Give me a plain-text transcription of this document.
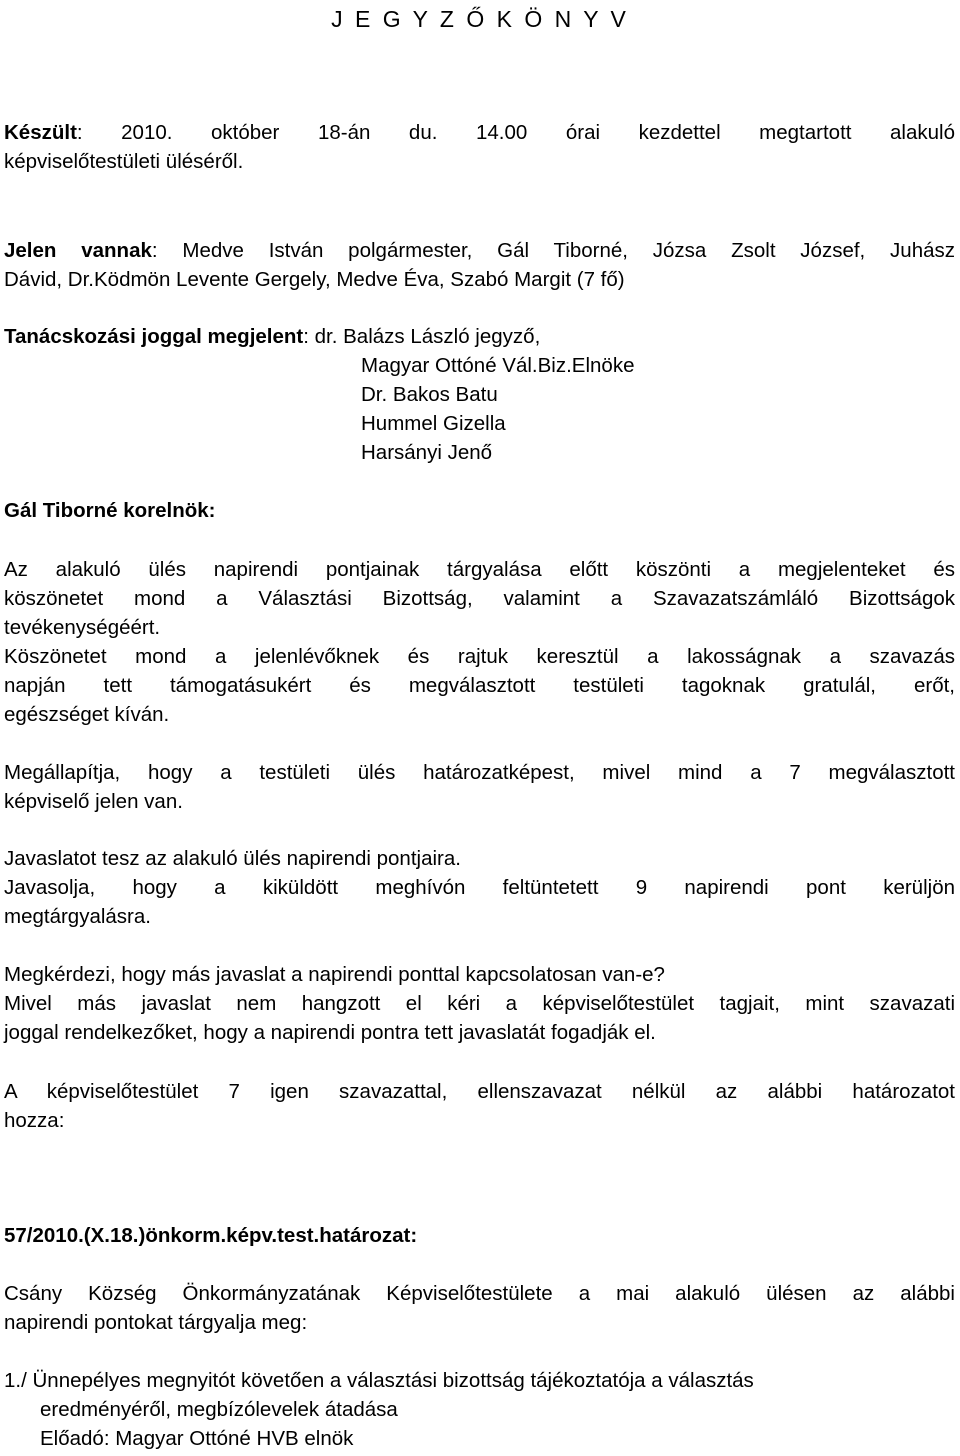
J E G Y Z Ő K Ö N Y V
Készült: 2010. október 18-án du. 14.00 órai kezdettel megtartott alakuló
képviselőtestületi üléséről.
Jelen vannak: Medve István polgármester, Gál Tiborné, Józsa Zsolt József, Juhász
Dávid, Dr.Ködmön Levente Gergely, Medve Éva, Szabó Margit (7 fő)
Tanácskozási joggal megjelent: dr. Balázs László jegyző,
Magyar Ottóné Vál.Biz.Elnöke
Dr. Bakos Batu
Hummel Gizella
Harsányi Jenő
Gál Tiborné korelnök:
Az alakuló ülés napirendi pontjainak tárgyalása előtt köszönti a megjelenteket és
köszönetet mond a Választási Bizottság, valamint a Szavazatszámláló Bizottságok
tevékenységéért.
Köszönetet mond a jelenlévőknek és rajtuk keresztül a lakosságnak a szavazás
napján tett támogatásukért és megválasztott testületi tagoknak gratulál, erőt,
egészséget kíván.
Megállapítja, hogy a testületi ülés határozatképest, mivel mind a 7 megválasztott
képviselő jelen van.
Javaslatot tesz az alakuló ülés napirendi pontjaira.
Javasolja, hogy a kiküldött meghívón feltüntetett 9 napirendi pont kerüljön
megtárgyalásra.
Megkérdezi, hogy más javaslat a napirendi ponttal kapcsolatosan van-e?
Mivel más javaslat nem hangzott el kéri a képviselőtestület tagjait, mint szavazati
joggal rendelkezőket, hogy a napirendi pontra tett javaslatát fogadják el.
A képviselőtestület 7 igen szavazattal, ellenszavazat nélkül az alábbi határozatot
hozza:
57/2010.(X.18.)önkorm.képv.test.határozat:
Csány Község Önkormányzatának Képviselőtestülete a mai alakuló ülésen az alábbi
napirendi pontokat tárgyalja meg:
1./ Ünnepélyes megnyitót követően a választási bizottság tájékoztatója a választás
eredményéről, megbízólevelek átadása
Előadó: Magyar Ottóné HVB elnök
